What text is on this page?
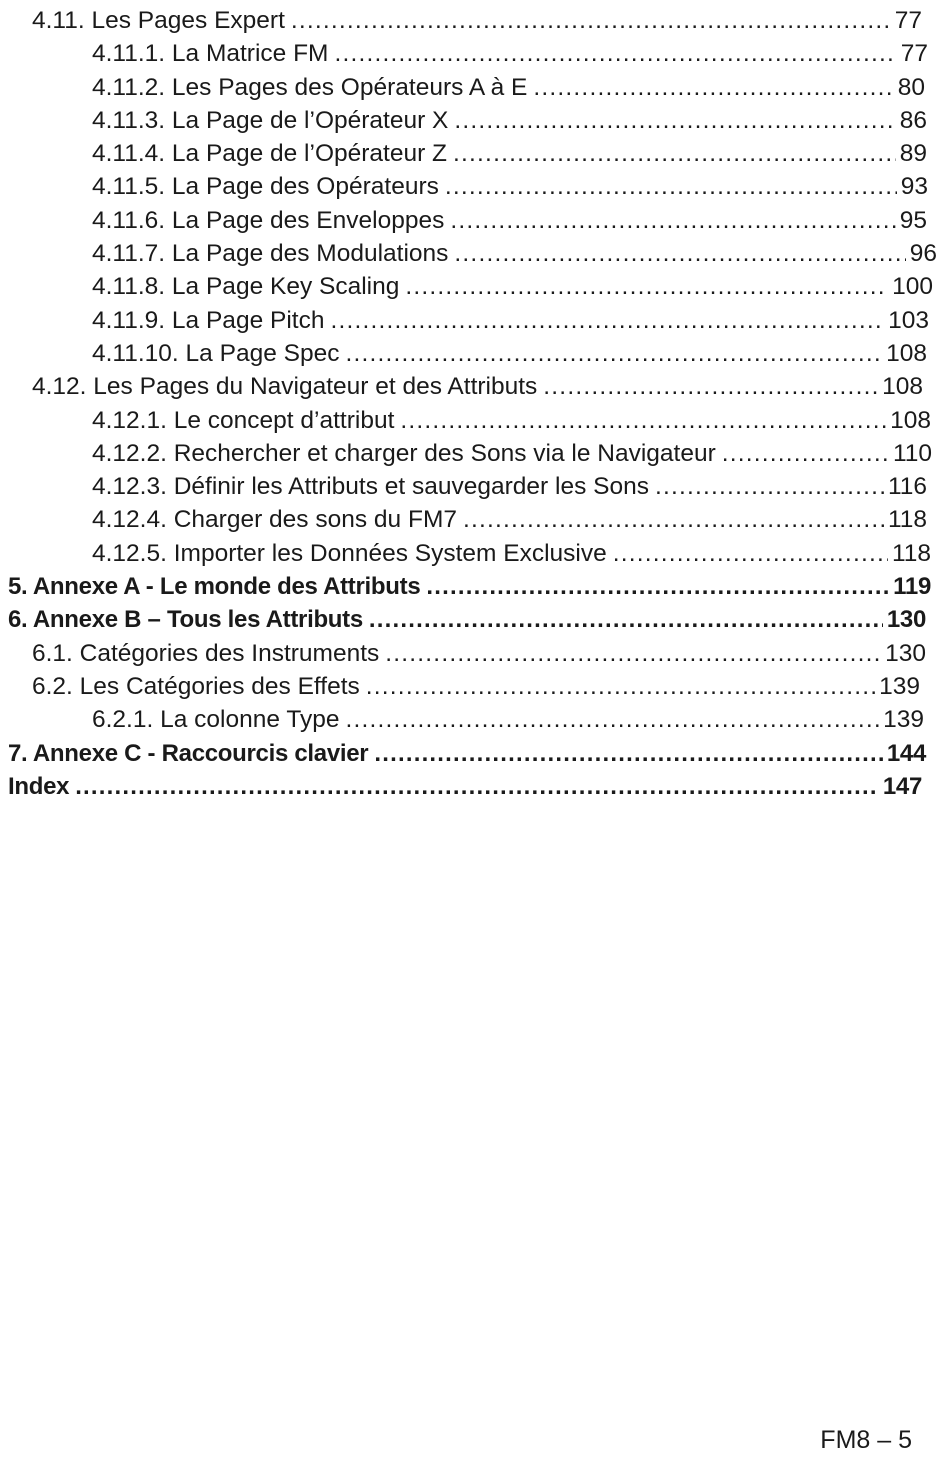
4.11. Les Pages Expert .....	77
4.11.1. La Matrice FM .....	77
4.11.2. Les Pages des Opérateurs A à E .....	80
4.11.3. La Page de l’Opérateur X .....	86
4.11.4. La Page de l’Opérateur Z .....	89
4.11.5. La Page des Opérateurs .....	93
4.11.6. La Page des Enveloppes .....	95
4.11.7. La Page des Modulations .....	96
4.11.8. La Page Key Scaling .....	100
4.11.9. La Page Pitch .....	103
4.11.10. La Page Spec .....	108
4.12. Les Pages du Navigateur et des Attributs .....	108
4.12.1. Le concept d’attribut .....	108
4.12.2. Rechercher et charger des Sons via le Navigateur .....	110
4.12.3. Définir les Attributs et sauvegarder les Sons .....	116
4.12.4. Charger des sons du FM7 .....	118
4.12.5. Importer les Données System Exclusive .....	118
5. Annexe A - Le monde des Attributs .....	119
6. Annexe B – Tous les Attributs .....	130
6.1. Catégories des Instruments .....	130
6.2. Les Catégories des Effets .....	139
6.2.1. La colonne Type .....	139
7. Annexe C - Raccourcis clavier .....	144
Index .....	147
FM8 – 5
